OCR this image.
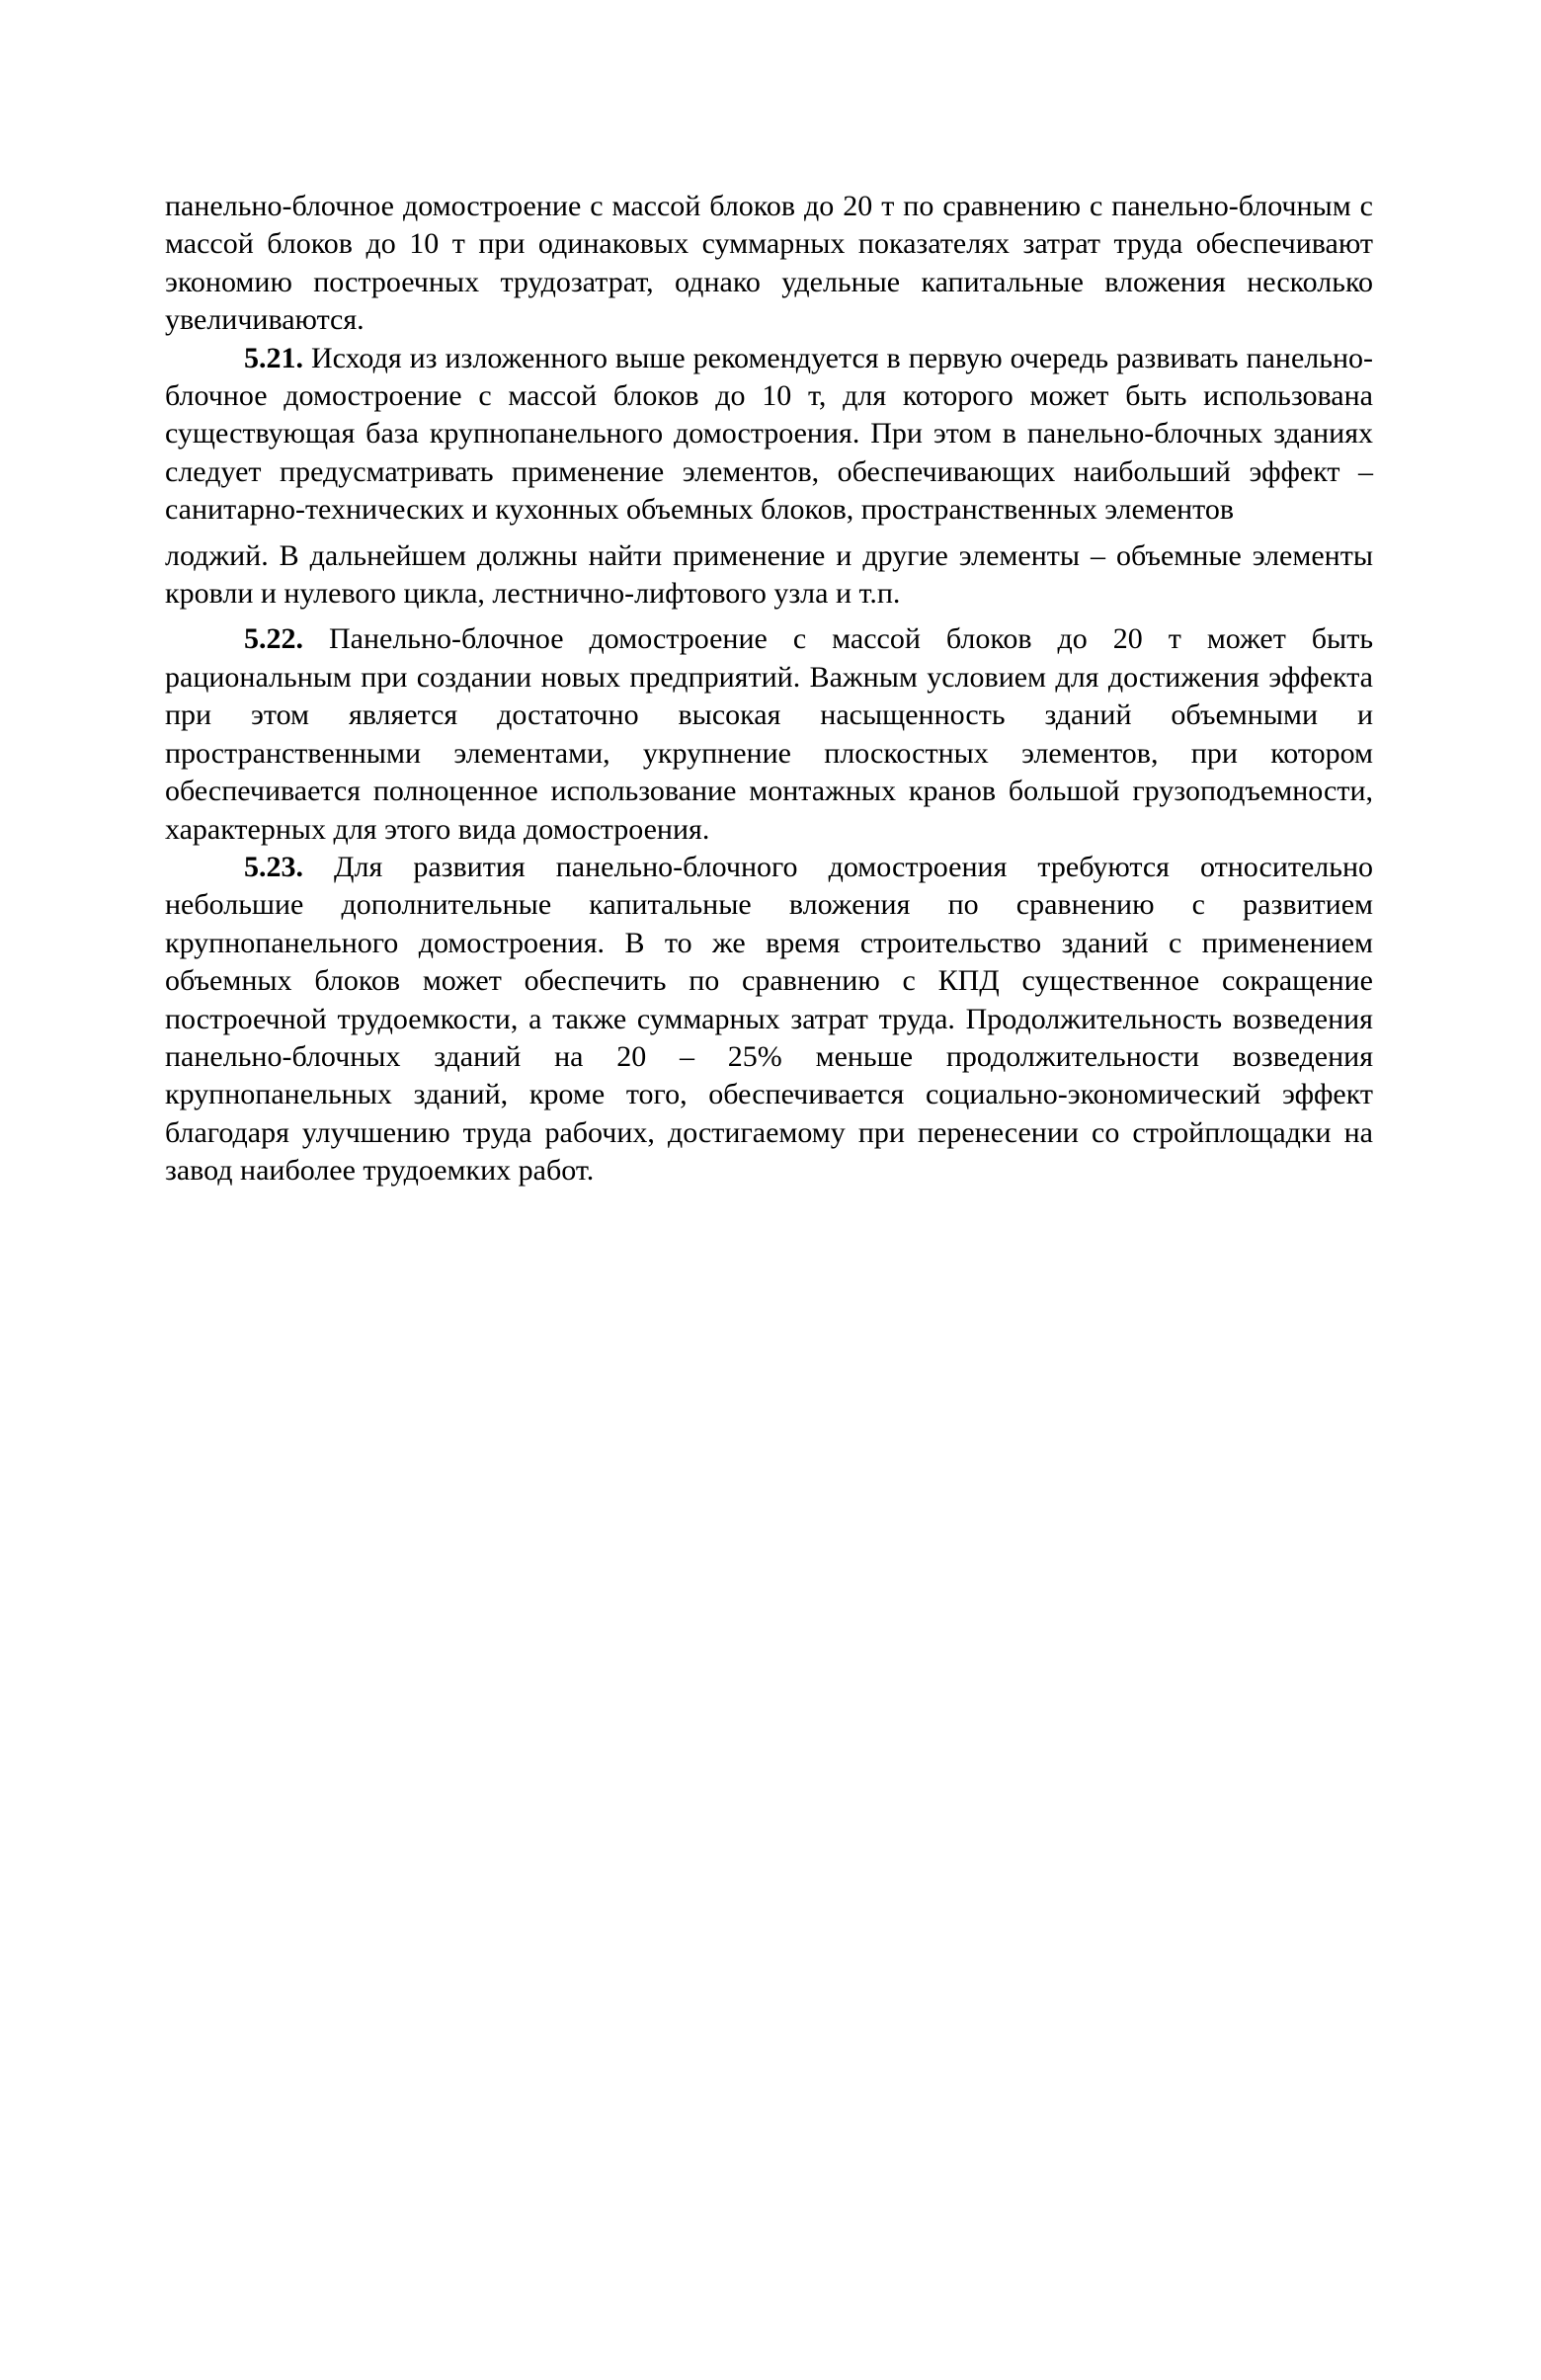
панельно-блочное домостроение с массой блоков до 20 т по сравнению с панельно-блочным с массой блоков до 10 т при одинаковых суммарных показателях затрат труда обеспечивают экономию построечных трудозатрат, однако удельные капитальные вложения несколько увеличиваются.

5.21. Исходя из изложенного выше рекомендуется в первую очередь развивать панельно-блочное домостроение с массой блоков до 10 т, для которого может быть использована существующая база крупнопанельного домостроения. При этом в панельно-блочных зданиях следует предусматривать применение элементов, обеспечивающих наибольший эффект – санитарно-технических и кухонных объемных блоков, пространственных элементов

лоджий. В дальнейшем должны найти применение и другие элементы – объемные элементы кровли и нулевого цикла, лестнично-лифтового узла и т.п.

5.22. Панельно-блочное домостроение с массой блоков до 20 т может быть рациональным при создании новых предприятий. Важным условием для достижения эффекта при этом является достаточно высокая насыщенность зданий объемными и пространственными элементами, укрупнение плоскостных элементов, при котором обеспечивается полноценное использование монтажных кранов большой грузоподъемности, характерных для этого вида домостроения.

5.23. Для развития панельно-блочного домостроения требуются относительно небольшие дополнительные капитальные вложения по сравнению с развитием крупнопанельного домостроения. В то же время строительство зданий с применением объемных блоков может обеспечить по сравнению с КПД существенное сокращение построечной трудоемкости, а также суммарных затрат труда. Продолжительность возведения панельно-блочных зданий на 20 – 25% меньше продолжительности возведения крупнопанельных зданий, кроме того, обеспечивается социально-экономический эффект благодаря улучшению труда рабочих, достигаемому при перенесении со стройплощадки на завод наиболее трудоемких работ.
